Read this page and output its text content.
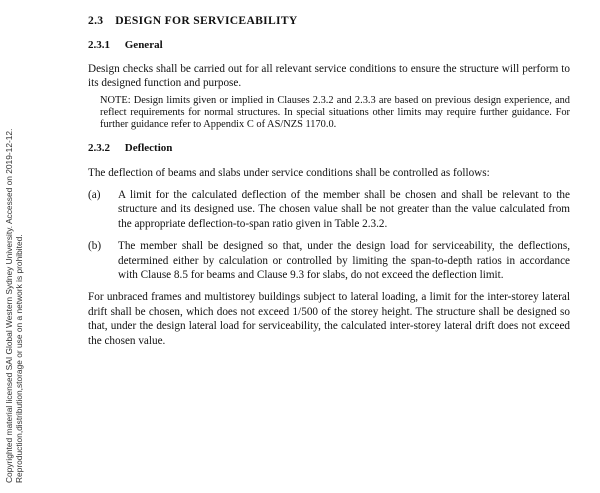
Copyrighted material licensed SAI Global Western Sydney University. Accessed on 2019-12-12. Reproduction,distribution,storage or use on a network is prohibited.
2.3 DESIGN FOR SERVICEABILITY
2.3.1 General

Design checks shall be carried out for all relevant service conditions to ensure the structure will perform to its designed function and purpose.

NOTE: Design limits given or implied in Clauses 2.3.2 and 2.3.3 are based on previous design experience, and reflect requirements for normal structures. In special situations other limits may require further guidance. For further guidance refer to Appendix C of AS/NZS 1170.0.

2.3.2 Deflection

The deflection of beams and slabs under service conditions shall be controlled as follows:

(a)	A limit for the calculated deflection of the member shall be chosen and shall be relevant to the structure and its designed use. The chosen value shall be not greater than the value calculated from the appropriate deflection-to-span ratio given in Table 2.3.2.
(b)	The member shall be designed so that, under the design load for serviceability, the deflections, determined either by calculation or controlled by limiting the span-to-depth ratios in accordance with Clause 8.5 for beams and Clause 9.3 for slabs, do not exceed the deflection limit.

For unbraced frames and multistorey buildings subject to lateral loading, a limit for the inter-storey lateral drift shall be chosen, which does not exceed 1/500 of the storey height. The structure shall be designed so that, under the design lateral load for serviceability, the calculated inter-storey lateral drift does not exceed the chosen value.
